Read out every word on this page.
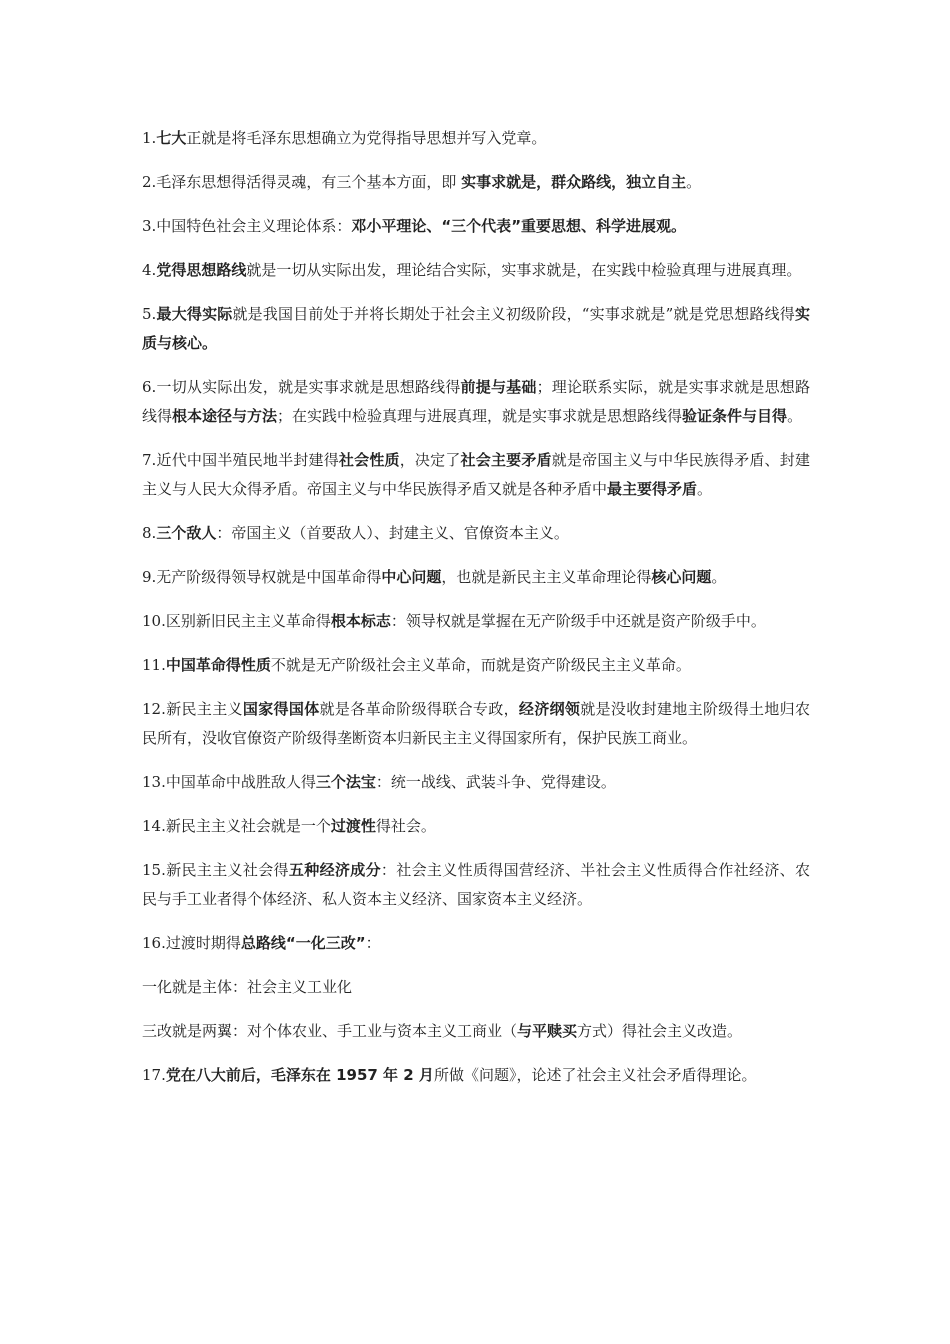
1.七大正就是将毛泽东思想确立为党得指导思想并写入党章。

2.毛泽东思想得活得灵魂，有三个基本方面，即 实事求就是，群众路线，独立自主。

3.中国特色社会主义理论体系：邓小平理论、“三个代表”重要思想、科学进展观。

4.党得思想路线就是一切从实际出发，理论结合实际，实事求就是，在实践中检验真理与进展真理。

5.最大得实际就是我国目前处于并将长期处于社会主义初级阶段，“实事求就是”就是党思想路线得实质与核心。

6.一切从实际出发，就是实事求就是思想路线得前提与基础；理论联系实际，就是实事求就是思想路线得根本途径与方法；在实践中检验真理与进展真理，就是实事求就是思想路线得验证条件与目得。

7.近代中国半殖民地半封建得社会性质，决定了社会主要矛盾就是帝国主义与中华民族得矛盾、封建主义与人民大众得矛盾。帝国主义与中华民族得矛盾又就是各种矛盾中最主要得矛盾。

8.三个敌人：帝国主义（首要敌人）、封建主义、官僚资本主义。

9.无产阶级得领导权就是中国革命得中心问题，也就是新民主主义革命理论得核心问题。

10.区别新旧民主主义革命得根本标志：领导权就是掌握在无产阶级手中还就是资产阶级手中。

11.中国革命得性质不就是无产阶级社会主义革命，而就是资产阶级民主主义革命。

12.新民主主义国家得国体就是各革命阶级得联合专政，经济纲领就是没收封建地主阶级得土地归农民所有，没收官僚资产阶级得垄断资本归新民主主义得国家所有，保护民族工商业。

13.中国革命中战胜敌人得三个法宝：统一战线、武装斗争、党得建设。

14.新民主主义社会就是一个过渡性得社会。

15.新民主主义社会得五种经济成分：社会主义性质得国营经济、半社会主义性质得合作社经济、农民与手工业者得个体经济、私人资本主义经济、国家资本主义经济。

16.过渡时期得总路线“一化三改”：

一化就是主体：社会主义工业化

三改就是两翼：对个体农业、手工业与资本主义工商业（与平赎买方式）得社会主义改造。

17.党在八大前后，毛泽东在 1957 年 2 月所做《问题》，论述了社会主义社会矛盾得理论。
